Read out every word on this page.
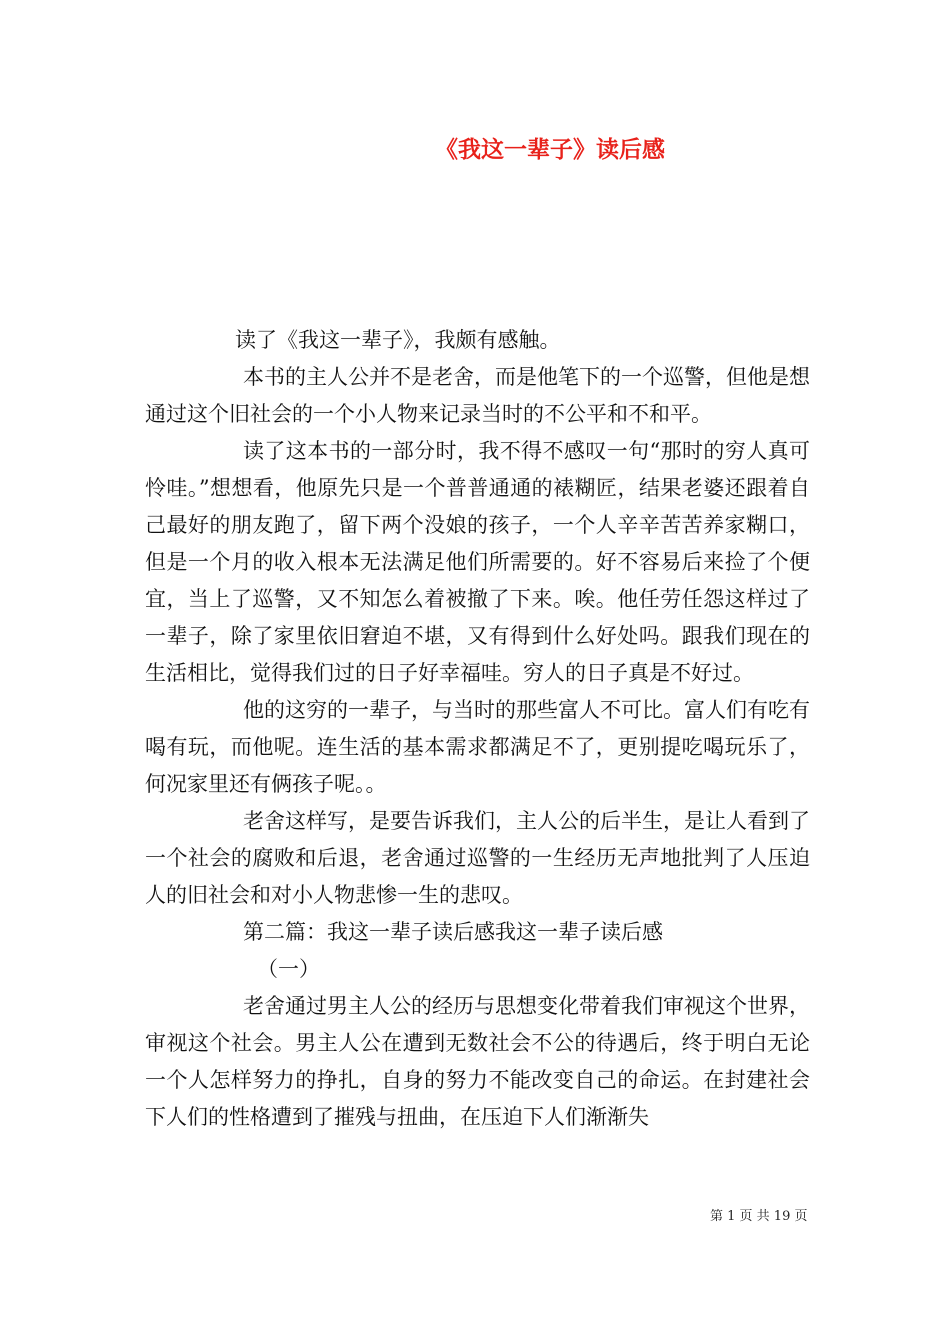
《我这一辈子》读后感

读了《我这一辈子》，我颇有感触。

本书的主人公并不是老舍，而是他笔下的一个巡警，但他是想通过这个旧社会的一个小人物来记录当时的不公平和不和平。

读了这本书的一部分时，我不得不感叹一句“那时的穷人真可怜哇。”想想看，他原先只是一个普普通通的裱糊匠，结果老婆还跟着自己最好的朋友跑了，留下两个没娘的孩子，一个人辛辛苦苦养家糊口，但是一个月的收入根本无法满足他们所需要的。好不容易后来捡了个便宜，当上了巡警，又不知怎么着被撤了下来。唉。他任劳任怨这样过了一辈子，除了家里依旧窘迫不堪，又有得到什么好处吗。跟我们现在的生活相比，觉得我们过的日子好幸福哇。穷人的日子真是不好过。

他的这穷的一辈子，与当时的那些富人不可比。富人们有吃有喝有玩，而他呢。连生活的基本需求都满足不了，更别提吃喝玩乐了，何况家里还有俩孩子呢。。

老舍这样写，是要告诉我们，主人公的后半生，是让人看到了一个社会的腐败和后退，老舍通过巡警的一生经历无声地批判了人压迫人的旧社会和对小人物悲惨一生的悲叹。

第二篇：我这一辈子读后感我这一辈子读后感

（一）

老舍通过男主人公的经历与思想变化带着我们审视这个世界，审视这个社会。男主人公在遭到无数社会不公的待遇后，终于明白无论一个人怎样努力的挣扎，自身的努力不能改变自己的命运。在封建社会下人们的性格遭到了摧残与扭曲，在压迫下人们渐渐失

第 1 页 共 19 页
